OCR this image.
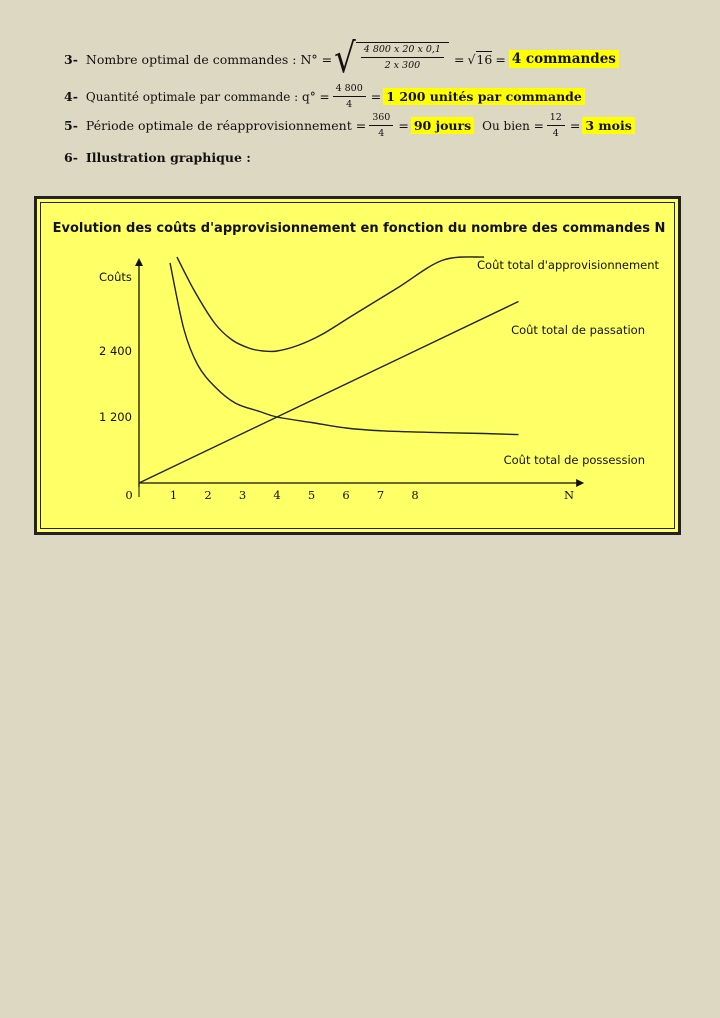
3- Nombre optimal de commandes : N° = √ $\frac{4 800 x 20 x 0,1}{2 x 300}$ = √ 16 = 4 commandes
4- Quantité optimale par commande : $q^\circ = \frac{4 800}{4} = 1$ 200 unités par commande
5- Période optimale de réapprovisionnement = $\frac{360}{4} = 90$ jours Ou bien = $\frac{12}{4} = 3$ mois
6- Illustration graphique :
Evolution des coûts d'approvisionnement en fonction du nombre des commandes N
Coûts
N
0	1 2 3 4 5 6 7 8
1 200
2 400
Coût total d'approvisionnement
Coût total de passation
Coût total de possession
